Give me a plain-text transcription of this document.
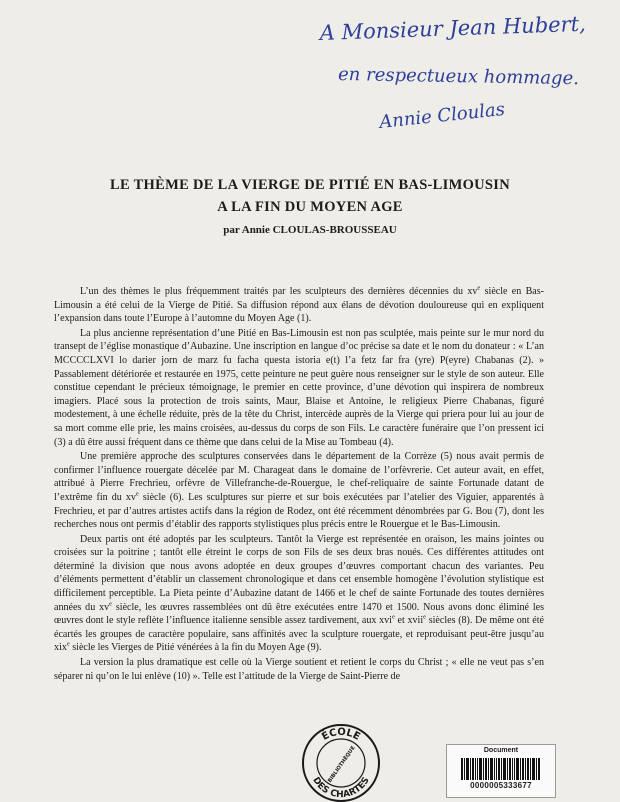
A Monsieur Jean Hubert,
en respectueux hommage.
Annie Cloulas

LE THÈME DE LA VIERGE DE PITIÉ EN BAS-LIMOUSIN

A LA FIN DU MOYEN AGE

par Annie CLOULAS-BROUSSEAU

L’un des thèmes le plus fréquemment traités par les sculpteurs des dernières décennies du $xv^e$ siècle en Bas-Limousin a été celui de la Vierge de Pitié. Sa diffusion répond aux élans de dévotion douloureuse qui en expliquent l’expansion dans toute l’Europe à l’automne du Moyen Age (1).

La plus ancienne représentation d’une Pitié en Bas-Limousin est non pas sculptée, mais peinte sur le mur nord du transept de l’église monastique d’Aubazine. Une inscription en langue d’oc précise sa date et le nom du donateur : « L’an MCCCCLXVI lo darier jorn de marz fu facha questa istoria e(t) l’a fetz far fra (yre) P(eyre) Chabanas (2). » Passablement détériorée et restaurée en 1975, cette peinture ne peut guère nous renseigner sur le style de son auteur. Elle constitue cependant le précieux témoignage, le premier en cette province, d’une dévotion qui inspirera de nombreux imagiers. Placé sous la protection de trois saints, Maur, Blaise et Antoine, le religieux Pierre Chabanas, figuré modestement, à une échelle réduite, près de la tête du Christ, intercède auprès de la Vierge qui priera pour lui au jour de sa mort comme elle prie, les mains croisées, au-dessus du corps de son Fils. Le caractère funéraire que l’on pressent ici (3) a dû être aussi fréquent dans ce thème que dans celui de la Mise au Tombeau (4).

Une première approche des sculptures conservées dans le département de la Corrèze (5) nous avait permis de confirmer l’influence rouergate décelée par M. Charageat dans le domaine de l’orfèvrerie. Cet auteur avait, en effet, attribué à Pierre Frechrieu, orfèvre de Villefranche-de-Rouergue, le chef-reliquaire de sainte Fortunade datant de l’extrême fin du $xv^e$ siècle (6). Les sculptures sur pierre et sur bois exécutées par l’atelier des Viguier, apparentés à Frechrieu, et par d’autres artistes actifs dans la région de Rodez, ont été récemment dénombrées par G. Bou (7), dont les recherches nous ont permis d’établir des rapports stylistiques plus précis entre le Rouergue et le Bas-Limousin.

Deux partis ont été adoptés par les sculpteurs. Tantôt la Vierge est représentée en oraison, les mains jointes ou croisées sur la poitrine ; tantôt elle étreint le corps de son Fils de ses deux bras noués. Ces différentes attitudes ont déterminé la division que nous avons adoptée en deux groupes d’œuvres comportant chacun des variantes. Peu d’éléments permettent d’établir un classement chronologique et dans cet ensemble homogène l’évolution stylistique est difficilement perceptible. La Pieta peinte d’Aubazine datant de 1466 et le chef de sainte Fortunade des toutes dernières années du $xv^e$ siècle, les œuvres rassemblées ont dû être exécutées entre 1470 et 1500. Nous avons donc éliminé les œuvres dont le style reflète l’influence italienne sensible assez tardivement, aux xvi$^e$ et xvii$^e$ siècles (8). De même ont été écartés les groupes de caractère populaire, sans affinités avec la sculpture rouergate, et reproduisant peut-être jusqu’au xix$^e$ siècle les Vierges de Pitié vénérées à la fin du Moyen Age (9).

La version la plus dramatique est celle où la Vierge soutient et retient le corps du Christ ; « elle ne veut pas s’en séparer ni qu’on le lui enlève (10) ». Telle est l’attitude de la Vierge de Saint-Pierre de

ÉCOLE
DES CHARTES
BIBLIOTHÈQUE	Document
0000005333677
